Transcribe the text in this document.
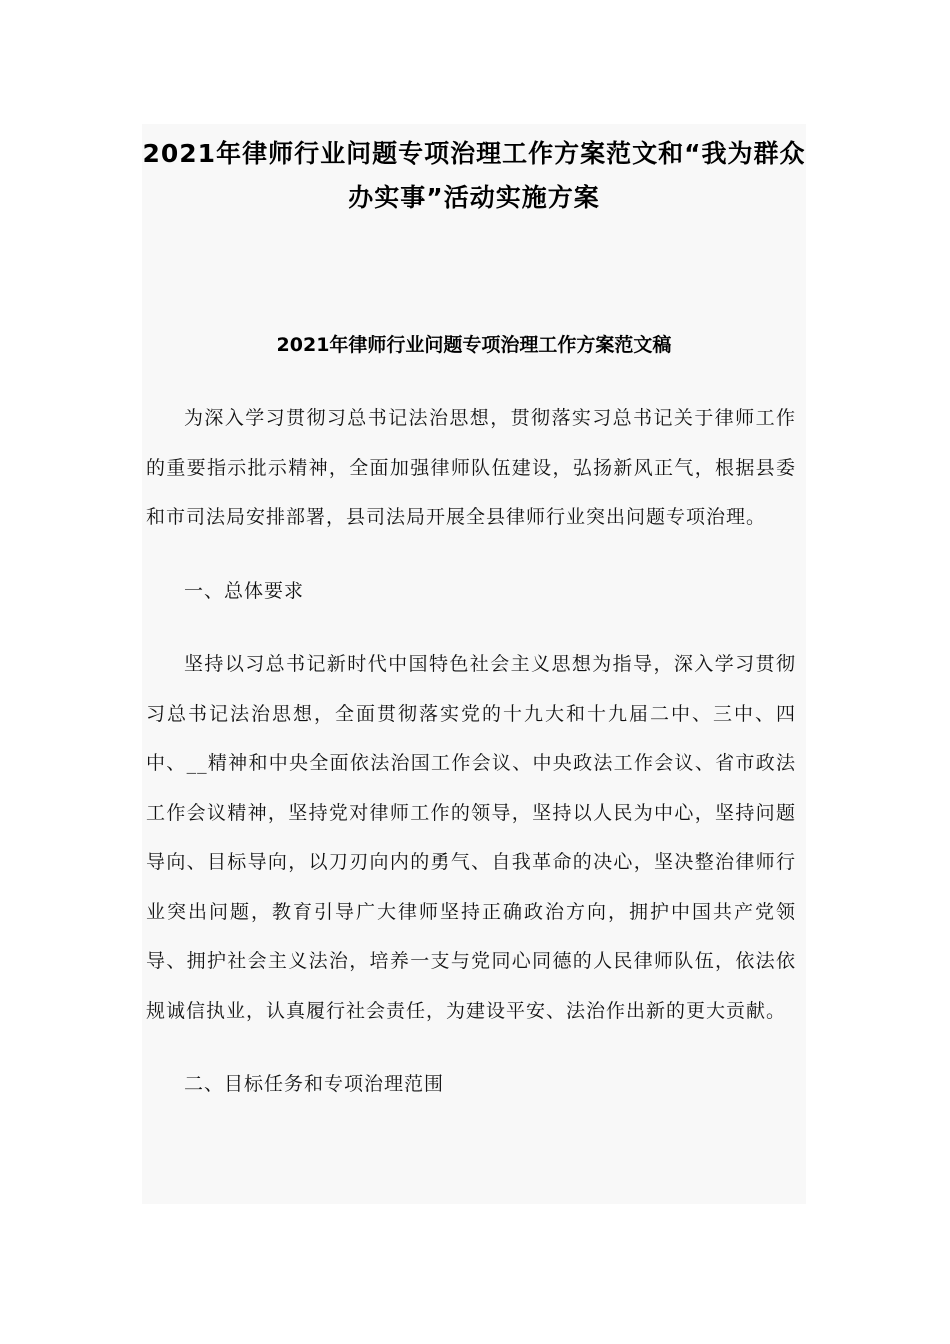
2021年律师行业问题专项治理工作方案范文和“我为群众办实事”活动实施方案
2021年律师行业问题专项治理工作方案范文稿

为深入学习贯彻习总书记法治思想，贯彻落实习总书记关于律师工作的重要指示批示精神，全面加强律师队伍建设，弘扬新风正气，根据县委和市司法局安排部署，县司法局开展全县律师行业突出问题专项治理。

一、总体要求

坚持以习总书记新时代中国特色社会主义思想为指导，深入学习贯彻习总书记法治思想，全面贯彻落实党的十九大和十九届二中、三中、四中、__精神和中央全面依法治国工作会议、中央政法工作会议、省市政法工作会议精神，坚持党对律师工作的领导，坚持以人民为中心，坚持问题导向、目标导向，以刀刃向内的勇气、自我革命的决心，坚决整治律师行业突出问题，教育引导广大律师坚持正确政治方向，拥护中国共产党领导、拥护社会主义法治，培养一支与党同心同德的人民律师队伍，依法依规诚信执业，认真履行社会责任，为建设平安、法治作出新的更大贡献。

二、目标任务和专项治理范围
